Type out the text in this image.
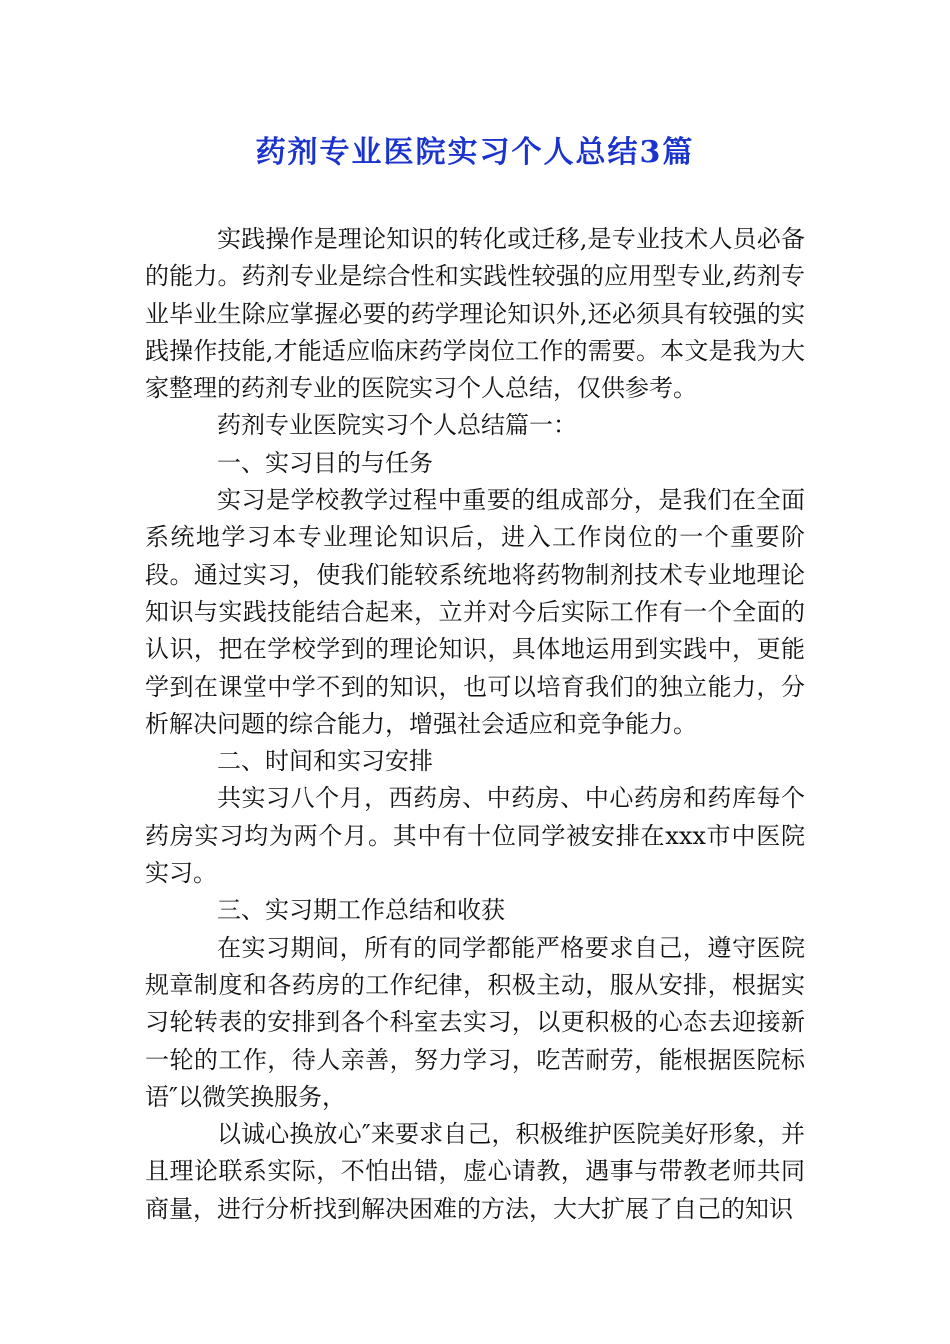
药剂专业医院实习个人总结3篇

实践操作是理论知识的转化或迁移,是专业技术人员必备的能力。药剂专业是综合性和实践性较强的应用型专业,药剂专业毕业生除应掌握必要的药学理论知识外,还必须具有较强的实践操作技能,才能适应临床药学岗位工作的需要。本文是我为大家整理的药剂专业的医院实习个人总结，仅供参考。

药剂专业医院实习个人总结篇一：

一、实习目的与任务

实习是学校教学过程中重要的组成部分，是我们在全面系统地学习本专业理论知识后，进入工作岗位的一个重要阶段。通过实习，使我们能较系统地将药物制剂技术专业地理论知识与实践技能结合起来，立并对今后实际工作有一个全面的认识，把在学校学到的理论知识，具体地运用到实践中，更能学到在课堂中学不到的知识，也可以培育我们的独立能力，分析解决问题的综合能力，增强社会适应和竞争能力。

二、时间和实习安排

共实习八个月，西药房、中药房、中心药房和药库每个药房实习均为两个月。其中有十位同学被安排在xxx市中医院实习。

三、实习期工作总结和收获

在实习期间，所有的同学都能严格要求自己，遵守医院规章制度和各药房的工作纪律，积极主动，服从安排，根据实习轮转表的安排到各个科室去实习，以更积极的心态去迎接新一轮的工作，待人亲善，努力学习，吃苦耐劳，能根据医院标语″以微笑换服务，

以诚心换放心″来要求自己，积极维护医院美好形象，并且理论联系实际，不怕出错，虚心请教，遇事与带教老师共同商量，进行分析找到解决困难的方法，大大扩展了自己的知识
